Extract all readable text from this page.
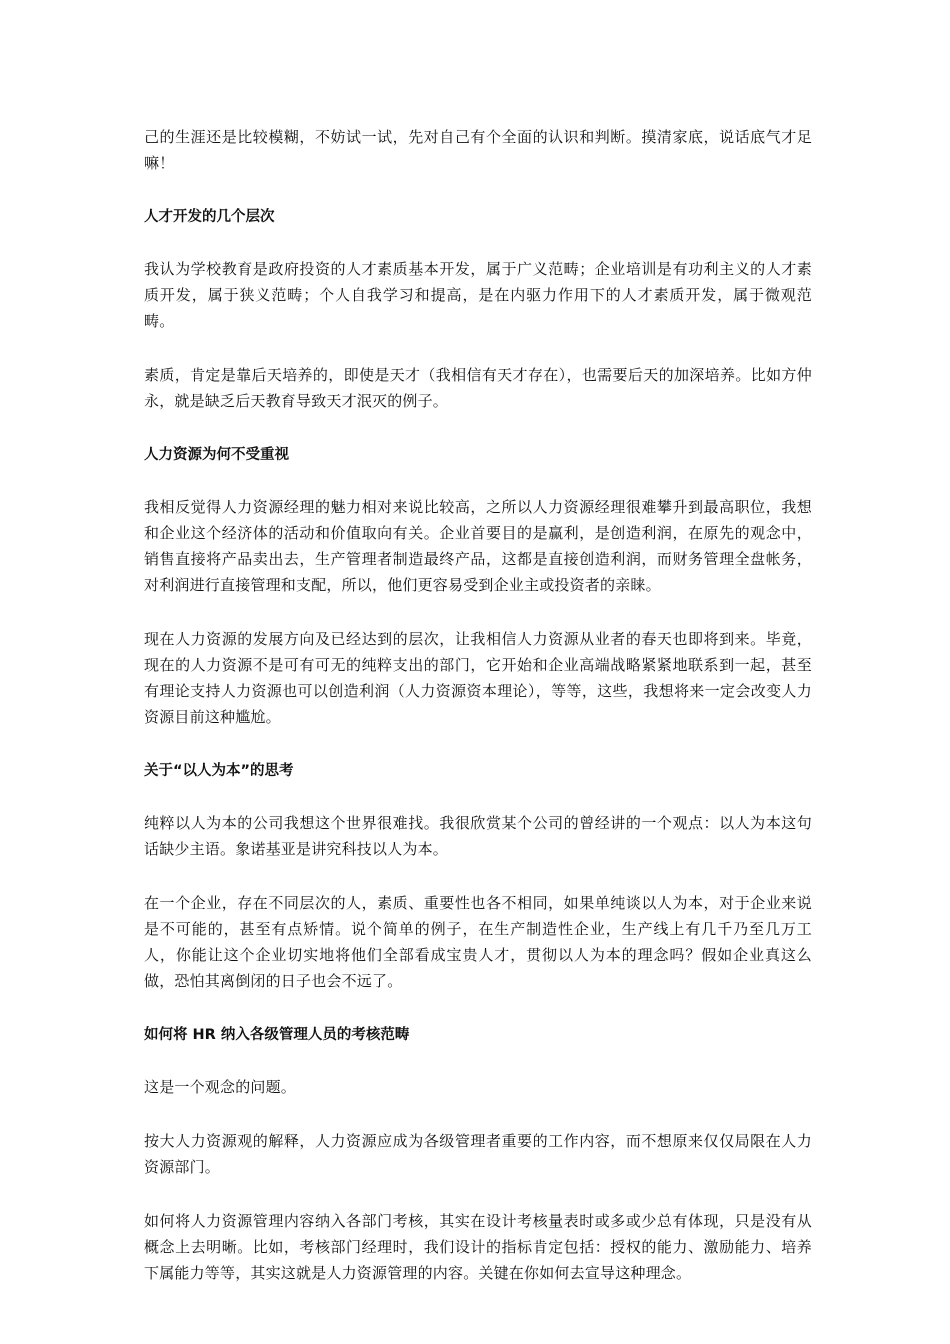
己的生涯还是比较模糊，不妨试一试，先对自己有个全面的认识和判断。摸清家底，说话底气才足嘛！

人才开发的几个层次

我认为学校教育是政府投资的人才素质基本开发，属于广义范畴；企业培训是有功利主义的人才素质开发，属于狭义范畴；个人自我学习和提高，是在内驱力作用下的人才素质开发，属于微观范畴。

素质，肯定是靠后天培养的，即使是天才（我相信有天才存在），也需要后天的加深培养。比如方仲永，就是缺乏后天教育导致天才泯灭的例子。

人力资源为何不受重视

我相反觉得人力资源经理的魅力相对来说比较高，之所以人力资源经理很难攀升到最高职位，我想和企业这个经济体的活动和价值取向有关。企业首要目的是赢利，是创造利润，在原先的观念中，销售直接将产品卖出去，生产管理者制造最终产品，这都是直接创造利润，而财务管理全盘帐务，对利润进行直接管理和支配，所以，他们更容易受到企业主或投资者的亲睐。

现在人力资源的发展方向及已经达到的层次，让我相信人力资源从业者的春天也即将到来。毕竟，现在的人力资源不是可有可无的纯粹支出的部门，它开始和企业高端战略紧紧地联系到一起，甚至有理论支持人力资源也可以创造利润（人力资源资本理论），等等，这些，我想将来一定会改变人力资源目前这种尴尬。

关于“以人为本”的思考

纯粹以人为本的公司我想这个世界很难找。我很欣赏某个公司的曾经讲的一个观点：以人为本这句话缺少主语。象诺基亚是讲究科技以人为本。

在一个企业，存在不同层次的人，素质、重要性也各不相同，如果单纯谈以人为本，对于企业来说是不可能的，甚至有点矫情。说个简单的例子，在生产制造性企业，生产线上有几千乃至几万工人，你能让这个企业切实地将他们全部看成宝贵人才，贯彻以人为本的理念吗？假如企业真这么做，恐怕其离倒闭的日子也会不远了。

如何将 HR 纳入各级管理人员的考核范畴

这是一个观念的问题。

按大人力资源观的解释，人力资源应成为各级管理者重要的工作内容，而不想原来仅仅局限在人力资源部门。

如何将人力资源管理内容纳入各部门考核，其实在设计考核量表时或多或少总有体现，只是没有从概念上去明晰。比如，考核部门经理时，我们设计的指标肯定包括：授权的能力、激励能力、培养下属能力等等，其实这就是人力资源管理的内容。关键在你如何去宣导这种理念。
